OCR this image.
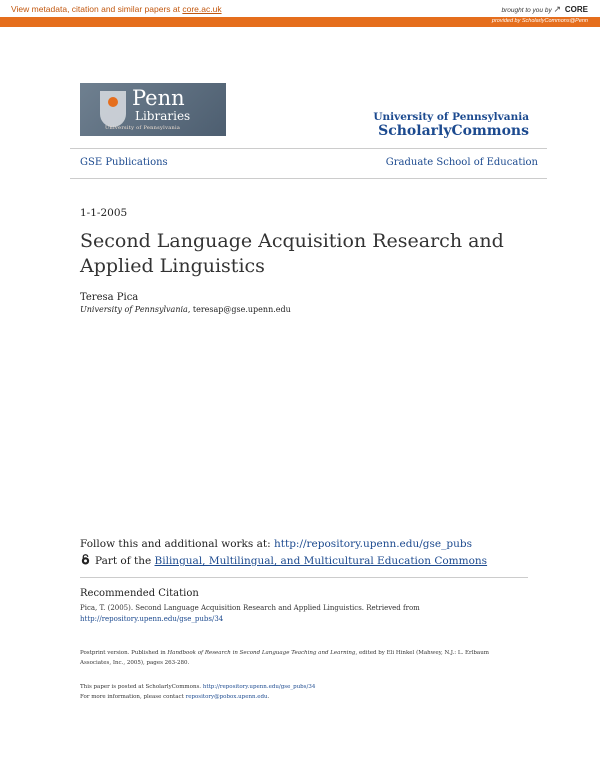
View metadata, citation and similar papers at core.ac.uk	brought to you by ↗ CORE
provided by ScholarlyCommons@Penn
Penn
Libraries
University of Pennsylvania
University of Pennsylvania
ScholarlyCommons
GSE Publications	Graduate School of Education
1-1-2005
Second Language Acquisition Research and Applied Linguistics
Teresa Pica
University of Pennsylvania, teresap@gse.upenn.edu
Follow this and additional works at: http://repository.upenn.edu/gse_pubs
Part of the Bilingual, Multilingual, and Multicultural Education Commons
Recommended Citation
Pica, T. (2005). Second Language Acquisition Research and Applied Linguistics. Retrieved from http://repository.upenn.edu/gse_pubs/34
Postprint version. Published in Handbook of Research in Second Language Teaching and Learning, edited by Eli Hinkel (Mahwey, N.J.: L. Erlbaum Associates, Inc., 2005), pages 263-280.
This paper is posted at ScholarlyCommons. http://repository.upenn.edu/gse_pubs/34
For more information, please contact repository@pobox.upenn.edu.
